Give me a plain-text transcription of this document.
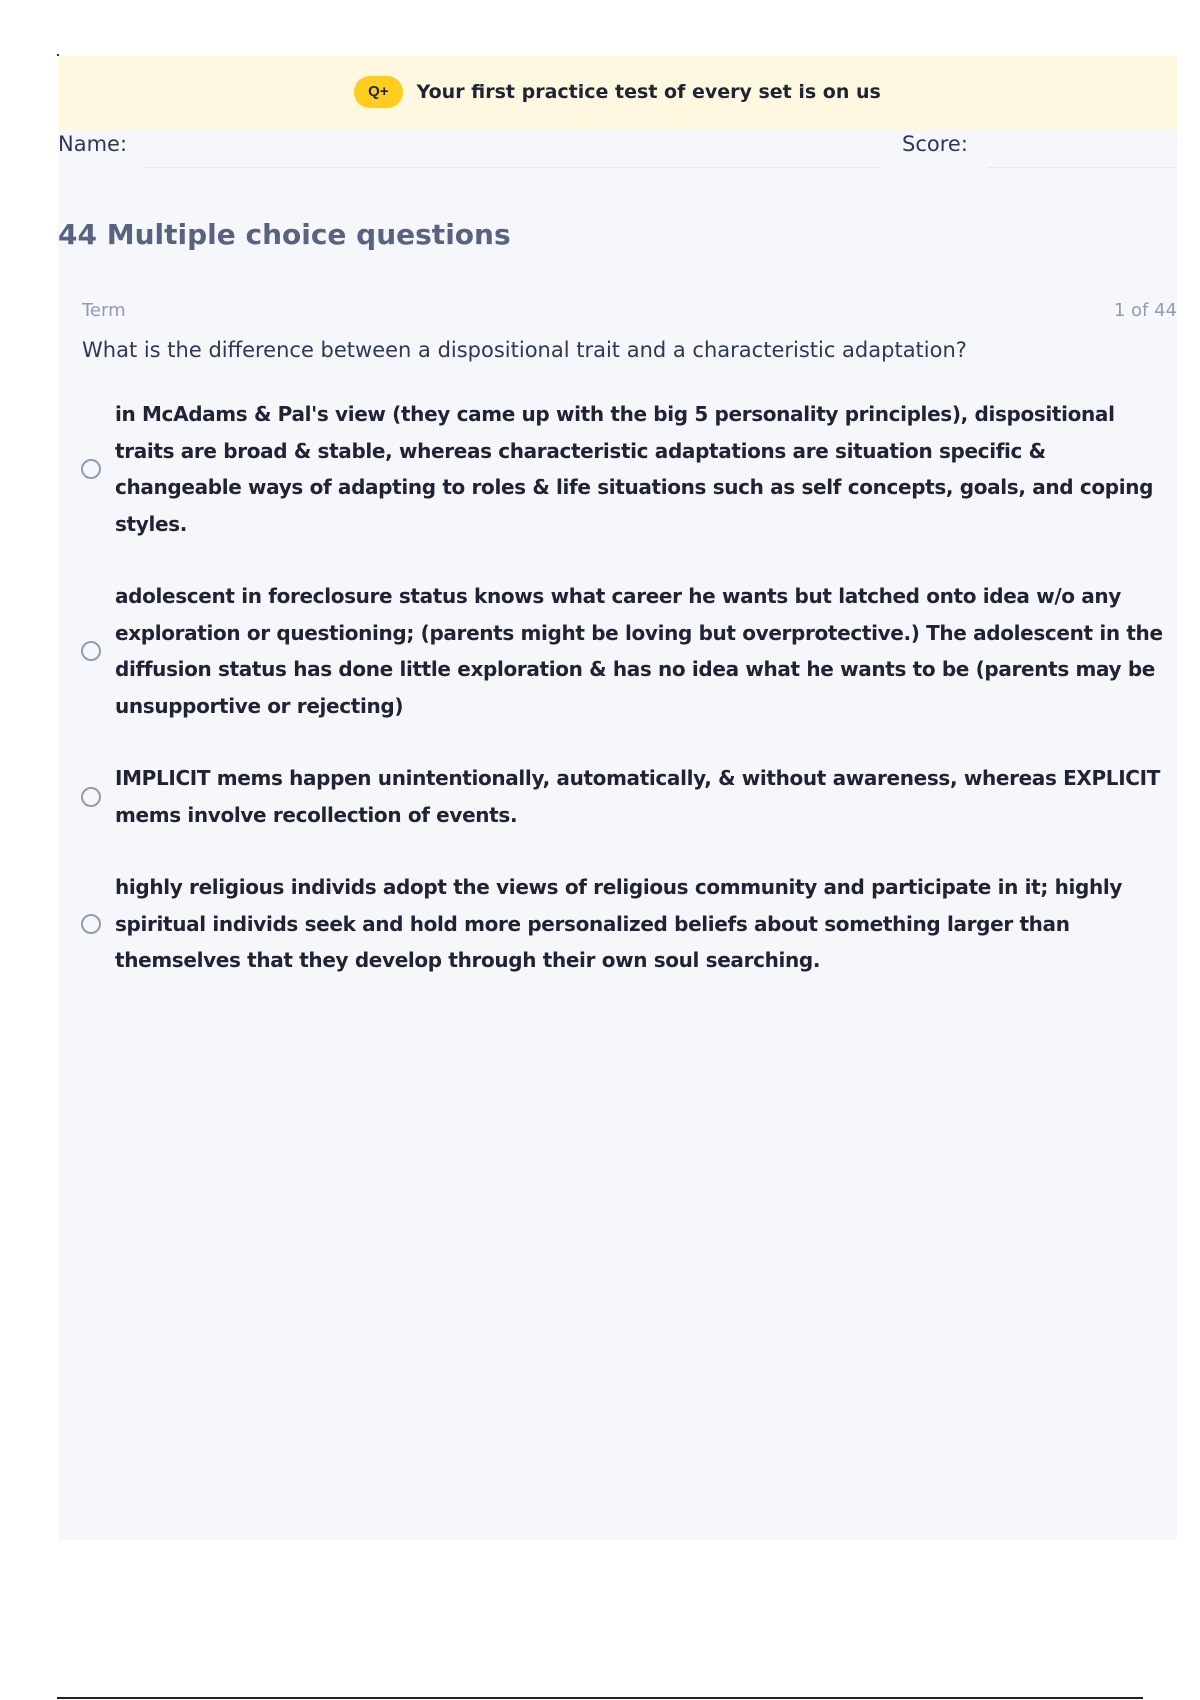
Q+	Your first practice test of every set is on us
Name:	Score:
44 Multiple choice questions
Term	1 of 44
What is the difference between a dispositional trait and a characteristic adaptation?
in McAdams & Pal's view (they came up with the big 5 personality principles), dispositional traits are broad & stable, whereas characteristic adaptations are situation specific & changeable ways of adapting to roles & life situations such as self concepts, goals, and coping styles.
adolescent in foreclosure status knows what career he wants but latched onto idea w/o any exploration or questioning; (parents might be loving but overprotective.) The adolescent in the diffusion status has done little exploration & has no idea what he wants to be (parents may be unsupportive or rejecting)
IMPLICIT mems happen unintentionally, automatically, & without awareness, whereas EXPLICIT mems involve recollection of events.
highly religious individs adopt the views of religious community and participate in it; highly spiritual individs seek and hold more personalized beliefs about something larger than themselves that they develop through their own soul searching.
